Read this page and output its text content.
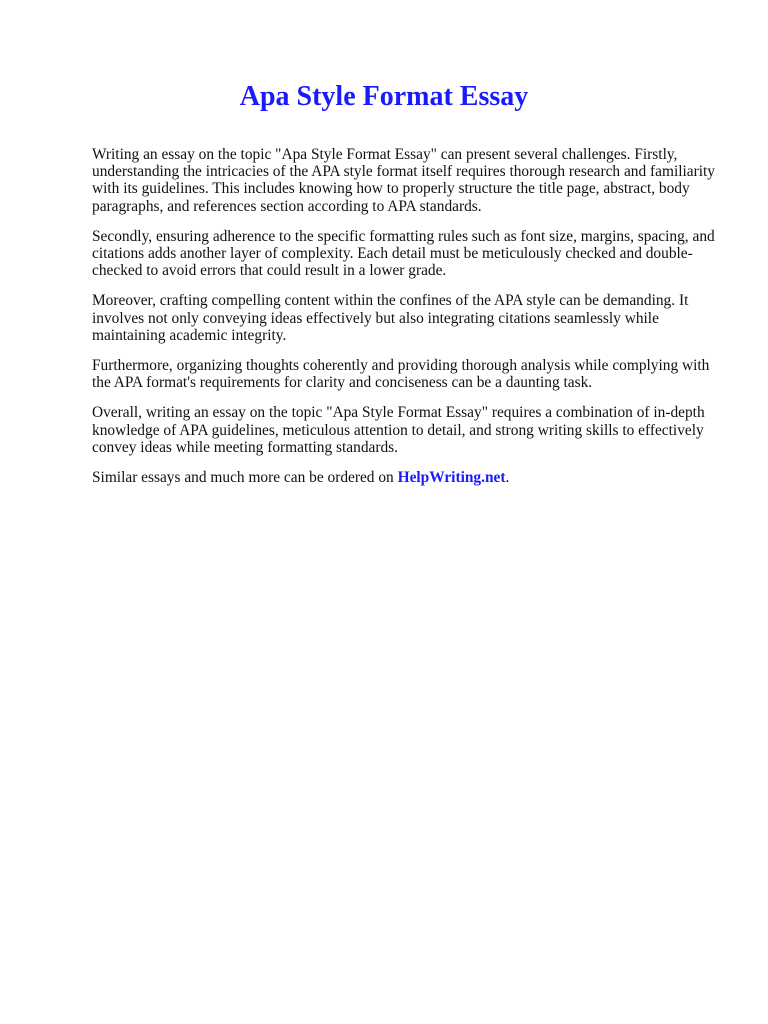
Apa Style Format Essay

Writing an essay on the topic "Apa Style Format Essay" can present several challenges. Firstly, understanding the intricacies of the APA style format itself requires thorough research and familiarity with its guidelines. This includes knowing how to properly structure the title page, abstract, body paragraphs, and references section according to APA standards.

Secondly, ensuring adherence to the specific formatting rules such as font size, margins, spacing, and citations adds another layer of complexity. Each detail must be meticulously checked and double-checked to avoid errors that could result in a lower grade.

Moreover, crafting compelling content within the confines of the APA style can be demanding. It involves not only conveying ideas effectively but also integrating citations seamlessly while maintaining academic integrity.

Furthermore, organizing thoughts coherently and providing thorough analysis while complying with the APA format's requirements for clarity and conciseness can be a daunting task.

Overall, writing an essay on the topic "Apa Style Format Essay" requires a combination of in-depth knowledge of APA guidelines, meticulous attention to detail, and strong writing skills to effectively convey ideas while meeting formatting standards.

Similar essays and much more can be ordered on HelpWriting.net.
